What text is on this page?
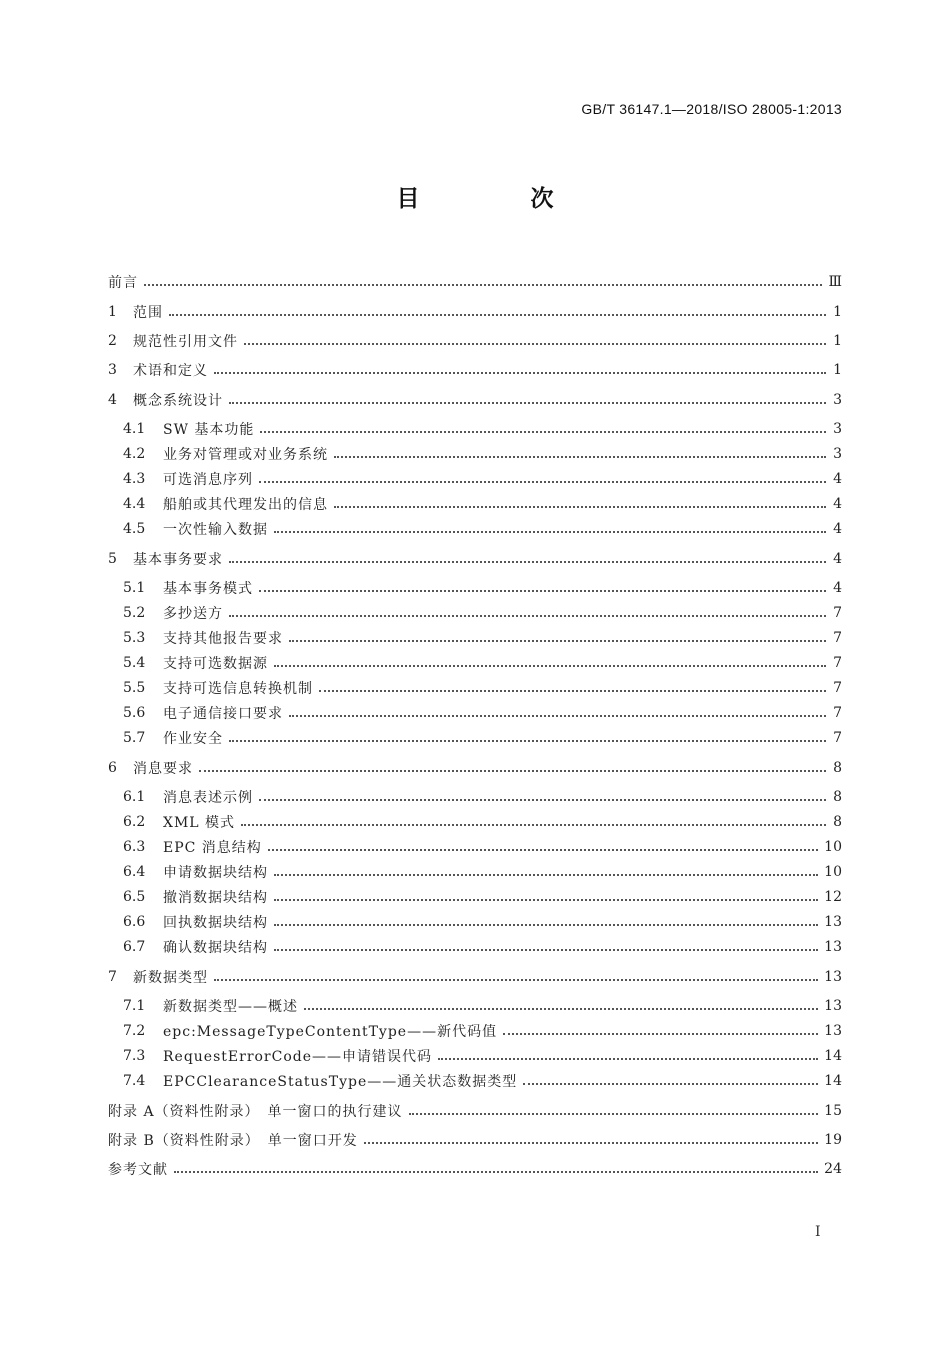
GB/T 36147.1—2018/ISO 28005-1:2013
目　次
前言	Ⅲ
1	范围	1
2	规范性引用文件	1
3	术语和定义	1
4	概念系统设计	3
4.1	SW 基本功能	3
4.2	业务对管理或对业务系统	3
4.3	可选消息序列	4
4.4	船舶或其代理发出的信息	4
4.5	一次性输入数据	4
5	基本事务要求	4
5.1	基本事务模式	4
5.2	多抄送方	7
5.3	支持其他报告要求	7
5.4	支持可选数据源	7
5.5	支持可选信息转换机制	7
5.6	电子通信接口要求	7
5.7	作业安全	7
6	消息要求	8
6.1	消息表述示例	8
6.2	XML 模式	8
6.3	EPC 消息结构	10
6.4	申请数据块结构	10
6.5	撤消数据块结构	12
6.6	回执数据块结构	13
6.7	确认数据块结构	13
7	新数据类型	13
7.1	新数据类型——概述	13
7.2	epc:MessageTypeContentType——新代码值	13
7.3	RequestErrorCode——申请错误代码	14
7.4	EPCClearanceStatusType——通关状态数据类型	14
附录 A（资料性附录）　单一窗口的执行建议	15
附录 B（资料性附录）　单一窗口开发	19
参考文献	24
I
